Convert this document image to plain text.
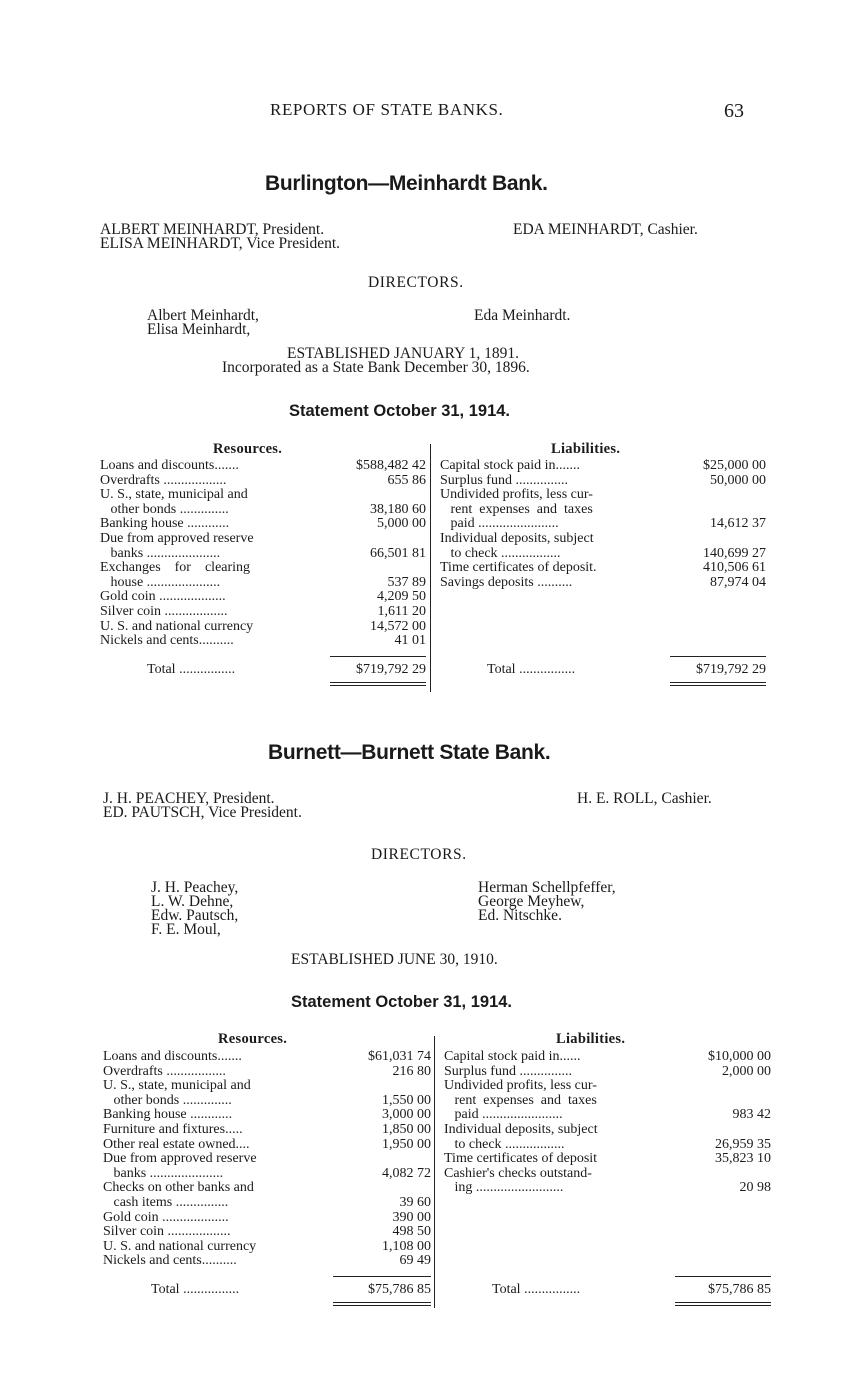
REPORTS OF STATE BANKS.	63
Burlington—Meinhardt Bank.
ALBERT MEINHARDT, President.
ELISA MEINHARDT, Vice President.
EDA MEINHARDT, Cashier.
DIRECTORS.
Albert Meinhardt,
Elisa Meinhardt,
Eda Meinhardt.
ESTABLISHED JANUARY 1, 1891.
Incorporated as a State Bank December 30, 1896.
Statement October 31, 1914.
Resources.	Liabilities.
Loans and discounts.......	$588,482 42
Overdrafts ..................	655 86
U. S., state, municipal and
other bonds ..............	38,180 60
Banking house ............	5,000 00
Due from approved reserve
banks .....................	66,501 81
Exchanges    for    clearing
house .....................	537 89
Gold coin ...................	4,209 50
Silver coin ..................	1,611 20
U. S. and national currency	14,572 00
Nickels and cents..........	41 01
Capital stock paid in.......	$25,000 00
Surplus fund ...............	50,000 00
Undivided profits, less cur-
rent  expenses  and  taxes
paid .......................	14,612 37
Individual deposits, subject
to check .................	140,699 27
Time certificates of deposit.	410,506 61
Savings deposits ..........	87,974 04
Total ................	$719,792 29	Total ................	$719,792 29
Burnett—Burnett State Bank.
J. H. PEACHEY, President.
ED. PAUTSCH, Vice President.
H. E. ROLL, Cashier.
DIRECTORS.
J. H. Peachey,
L. W. Dehne,
Edw. Pautsch,
F. E. Moul,
Herman Schellpfeffer,
George Meyhew,
Ed. Nitschke.
ESTABLISHED JUNE 30, 1910.
Statement October 31, 1914.
Resources.	Liabilities.
Loans and discounts.......	$61,031 74
Overdrafts .................	216 80
U. S., state, municipal and
other bonds ..............	1,550 00
Banking house ............	3,000 00
Furniture and fixtures.....	1,850 00
Other real estate owned....	1,950 00
Due from approved reserve
banks .....................	4,082 72
Checks on other banks and
cash items ...............	39 60
Gold coin ...................	390 00
Silver coin ..................	498 50
U. S. and national currency	1,108 00
Nickels and cents..........	69 49
Capital stock paid in......	$10,000 00
Surplus fund ...............	2,000 00
Undivided profits, less cur-
rent  expenses  and  taxes
paid .......................	983 42
Individual deposits, subject
to check .................	26,959 35
Time certificates of deposit	35,823 10
Cashier's checks outstand-
ing .........................	20 98
Total ................	$75,786 85	Total ................	$75,786 85
